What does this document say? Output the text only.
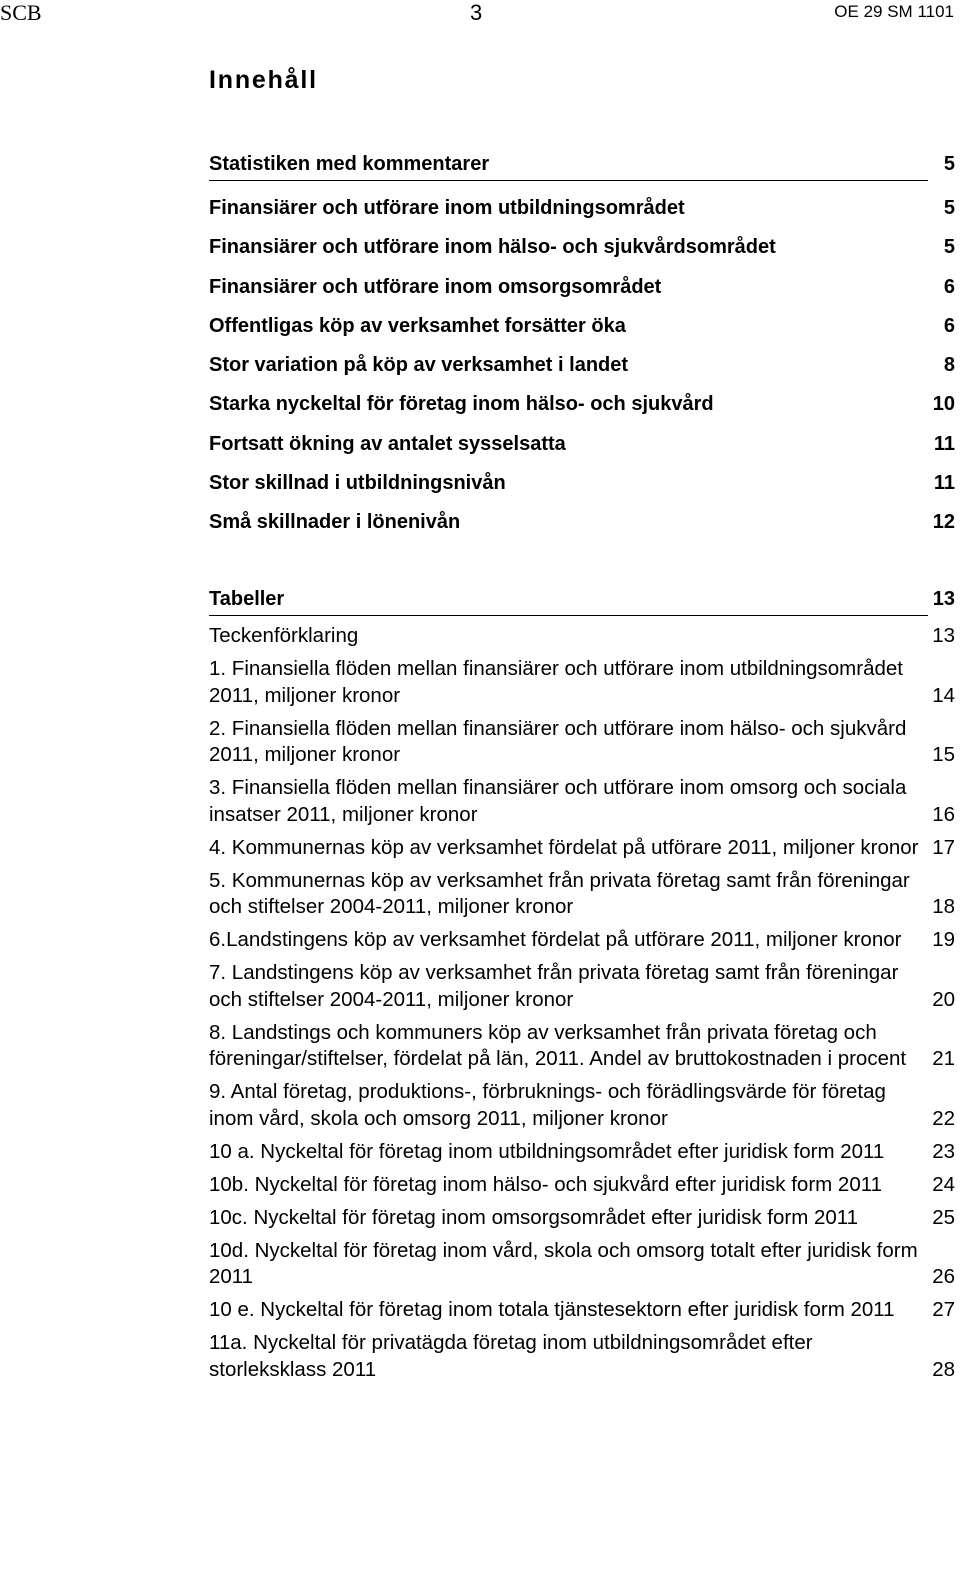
SCB	3	OE 29 SM 1101
Innehåll
Statistiken med kommentarer	5
Finansiärer och utförare inom utbildningsområdet	5
Finansiärer och utförare inom hälso- och sjukvårdsområdet	5
Finansiärer och utförare inom omsorgsområdet	6
Offentligas köp av verksamhet forsätter öka	6
Stor variation på köp av verksamhet i landet	8
Starka nyckeltal för företag inom hälso- och sjukvård	10
Fortsatt ökning av antalet sysselsatta	11
Stor skillnad i utbildningsnivån	11
Små skillnader i lönenivån	12
Tabeller	13
Teckenförklaring	13
1. Finansiella flöden mellan finansiärer och utförare inom utbildningsområdet 2011, miljoner kronor	14
2. Finansiella flöden mellan finansiärer och utförare inom hälso- och sjukvård 2011, miljoner kronor	15
3. Finansiella flöden mellan finansiärer och utförare inom omsorg och sociala insatser 2011, miljoner kronor	16
4. Kommunernas köp av verksamhet fördelat på utförare 2011, miljoner kronor 17
5. Kommunernas köp av verksamhet från privata företag samt från föreningar och stiftelser 2004-2011, miljoner kronor	18
6.Landstingens köp av verksamhet fördelat på utförare 2011, miljoner kronor	19
7. Landstingens köp av verksamhet från privata företag samt från föreningar och stiftelser 2004-2011, miljoner kronor	20
8. Landstings och kommuners köp av verksamhet från privata företag och föreningar/stiftelser, fördelat på län, 2011. Andel av bruttokostnaden i procent	21
9. Antal företag, produktions-, förbruknings- och förädlingsvärde för företag inom vård, skola och omsorg 2011, miljoner kronor	22
10 a. Nyckeltal för företag inom utbildningsområdet efter juridisk form 2011	23
10b. Nyckeltal för företag inom hälso- och sjukvård efter juridisk form 2011	24
10c. Nyckeltal för företag inom omsorgsområdet efter juridisk form 2011	25
10d. Nyckeltal för företag inom vård, skola och omsorg totalt efter juridisk form 2011	26
10 e. Nyckeltal för företag inom totala tjänstesektorn efter juridisk form 2011	27
11a. Nyckeltal för privatägda företag inom utbildningsområdet efter storleksklass 2011	28
